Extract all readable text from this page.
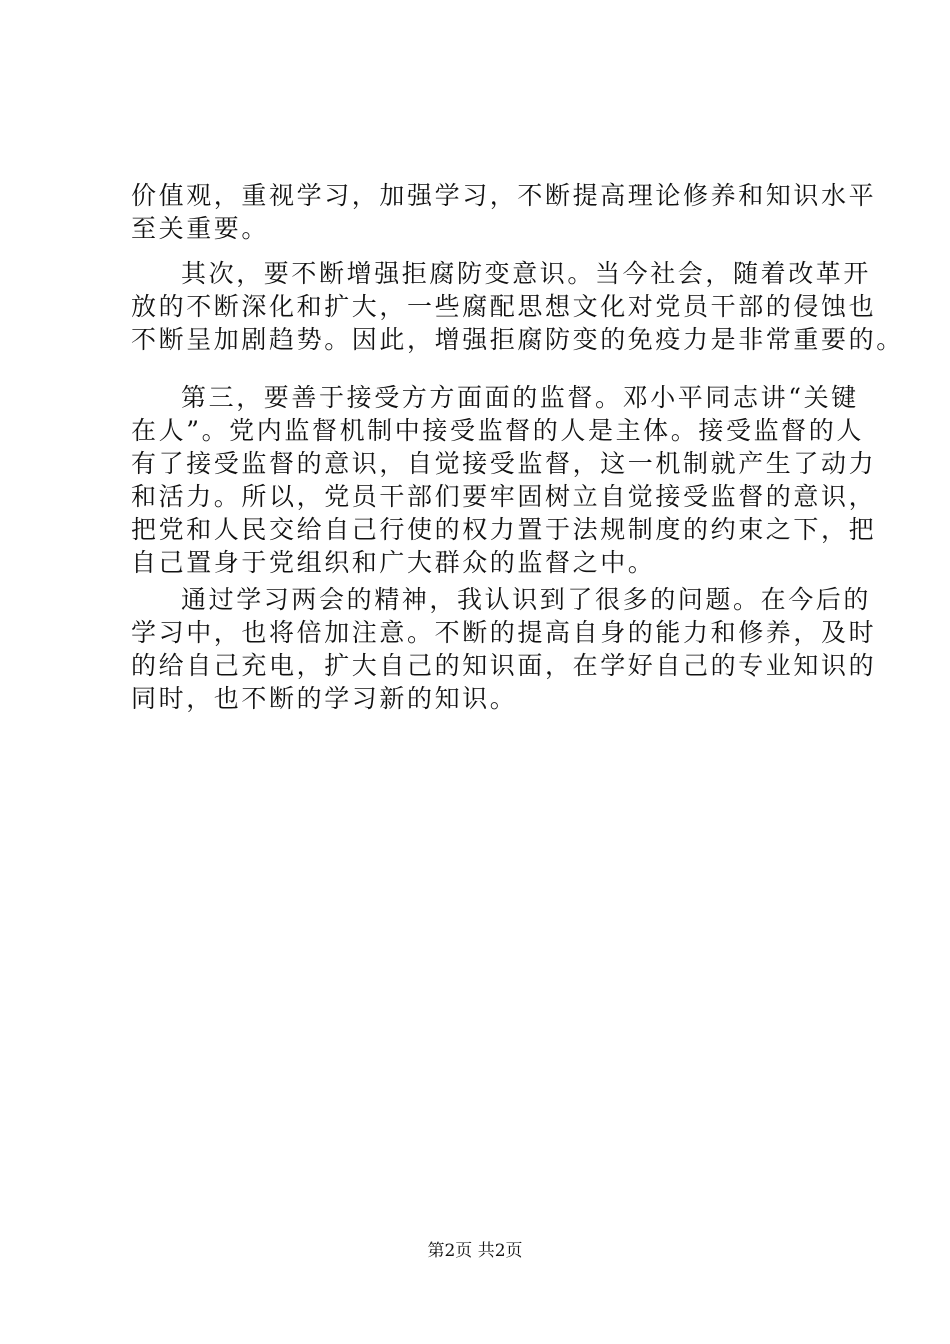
价值观，重视学习，加强学习，不断提高理论修养和知识水平
至关重要。
其次，要不断增强拒腐防变意识。当今社会，随着改革开
放的不断深化和扩大，一些腐配思想文化对党员干部的侵蚀也
不断呈加剧趋势。因此，增强拒腐防变的免疫力是非常重要的。
第三，要善于接受方方面面的监督。邓小平同志讲“关键
在人”。党内监督机制中接受监督的人是主体。接受监督的人
有了接受监督的意识，自觉接受监督，这一机制就产生了动力
和活力。所以，党员干部们要牢固树立自觉接受监督的意识，
把党和人民交给自己行使的权力置于法规制度的约束之下，把
自己置身于党组织和广大群众的监督之中。
通过学习两会的精神，我认识到了很多的问题。在今后的
学习中，也将倍加注意。不断的提高自身的能力和修养，及时
的给自己充电，扩大自己的知识面，在学好自己的专业知识的
同时，也不断的学习新的知识。
第2页 共2页
